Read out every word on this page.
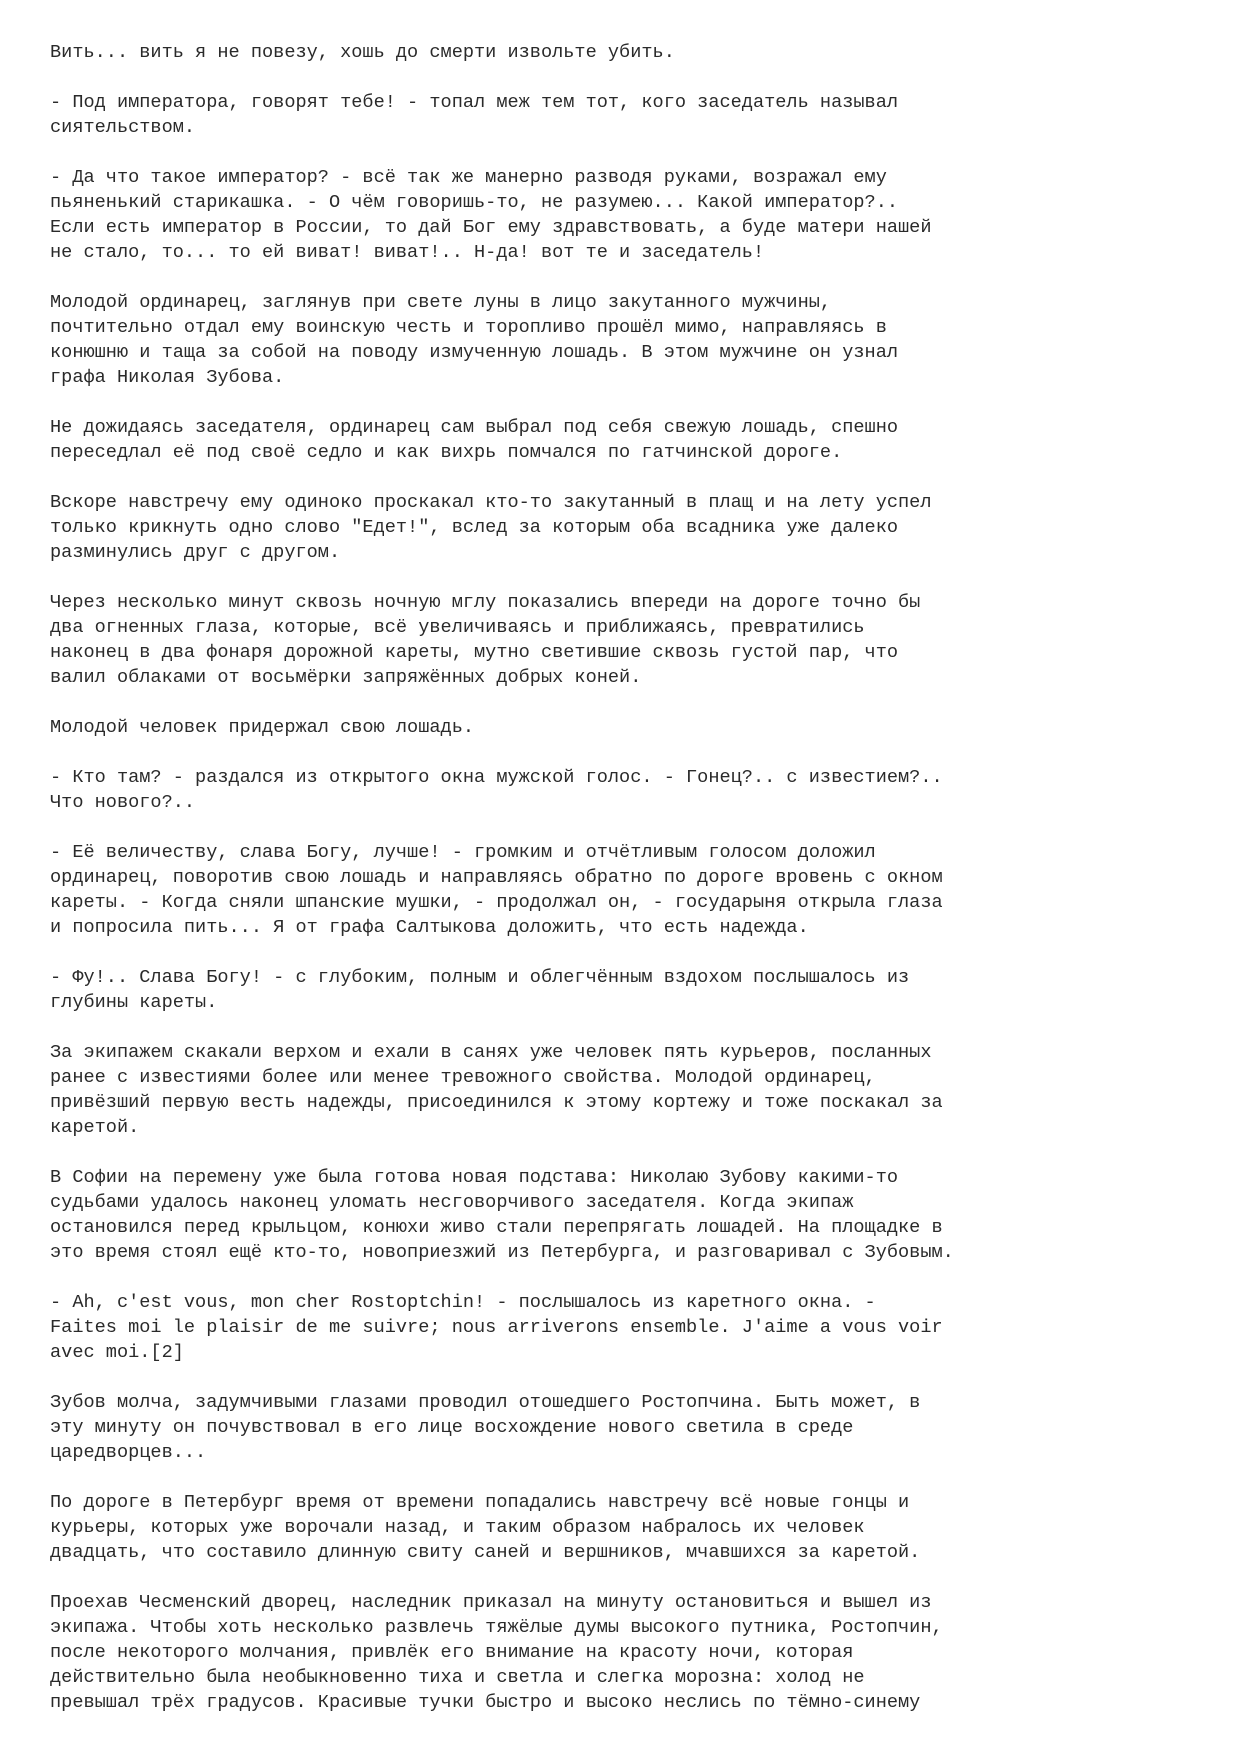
Вить... вить я не повезу, хошь до смерти извольте убить.
- Под императора, говорят тебе! - топал меж тем тот, кого заседатель называл
сиятельством.
- Да что такое император? - всё так же манерно разводя руками, возражал ему
пьяненький старикашка. - О чём говоришь-то, не разумею... Какой император?..
Если есть император в России, то дай Бог ему здравствовать, а буде матери нашей
не стало, то... то ей виват! виват!.. Н-да! вот те и заседатель!
Молодой ординарец, заглянув при свете луны в лицо закутанного мужчины,
почтительно отдал ему воинскую честь и торопливо прошёл мимо, направляясь в
конюшню и таща за собой на поводу измученную лошадь. В этом мужчине он узнал
графа Николая Зубова.
Не дожидаясь заседателя, ординарец сам выбрал под себя свежую лошадь, спешно
переседлал её под своё седло и как вихрь помчался по гатчинской дороге.
Вскоре навстречу ему одиноко проскакал кто-то закутанный в плащ и на лету успел
только крикнуть одно слово "Едет!", вслед за которым оба всадника уже далеко
разминулись друг с другом.
Через несколько минут сквозь ночную мглу показались впереди на дороге точно бы
два огненных глаза, которые, всё увеличиваясь и приближаясь, превратились
наконец в два фонаря дорожной кареты, мутно светившие сквозь густой пар, что
валил облаками от восьмёрки запряжённых добрых коней.
Молодой человек придержал свою лошадь.
- Кто там? - раздался из открытого окна мужской голос. - Гонец?.. с известием?..
Что нового?..
- Её величеству, слава Богу, лучше! - громким и отчётливым голосом доложил
ординарец, поворотив свою лошадь и направляясь обратно по дороге вровень с окном
кареты. - Когда сняли шпанские мушки, - продолжал он, - государыня открыла глаза
и попросила пить... Я от графа Салтыкова доложить, что есть надежда.
- Фу!.. Слава Богу! - с глубоким, полным и облегчённым вздохом послышалось из
глубины кареты.
За экипажем скакали верхом и ехали в санях уже человек пять курьеров, посланных
ранее с известиями более или менее тревожного свойства. Молодой ординарец,
привёзший первую весть надежды, присоединился к этому кортежу и тоже поскакал за
каретой.
В Софии на перемену уже была готова новая подстава: Николаю Зубову какими-то
судьбами удалось наконец уломать несговорчивого заседателя. Когда экипаж
остановился перед крыльцом, конюхи живо стали перепрягать лошадей. На площадке в
это время стоял ещё кто-то, новоприезжий из Петербурга, и разговаривал с Зубовым.
- Ah, c'est vous, mon cher Rostoptchin! - послышалось из каретного окна. -
Faites moi le plaisir de me suivre; nous arriverons ensemble. J'aime a vous voir
avec moi.[2]
Зубов молча, задумчивыми глазами проводил отошедшего Ростопчина. Быть может, в
эту минуту он почувствовал в его лице восхождение нового светила в среде
царедворцев...
По дороге в Петербург время от времени попадались навстречу всё новые гонцы и
курьеры, которых уже ворочали назад, и таким образом набралось их человек
двадцать, что составило длинную свиту саней и вершников, мчавшихся за каретой.
Проехав Чесменский дворец, наследник приказал на минуту остановиться и вышел из
экипажа. Чтобы хоть несколько развлечь тяжёлые думы высокого путника, Ростопчин,
после некоторого молчания, привлёк его внимание на красоту ночи, которая
действительно была необыкновенно тиха и светла и слегка морозна: холод не
превышал трёх градусов. Красивые тучки быстро и высоко неслись по тёмно-синему
